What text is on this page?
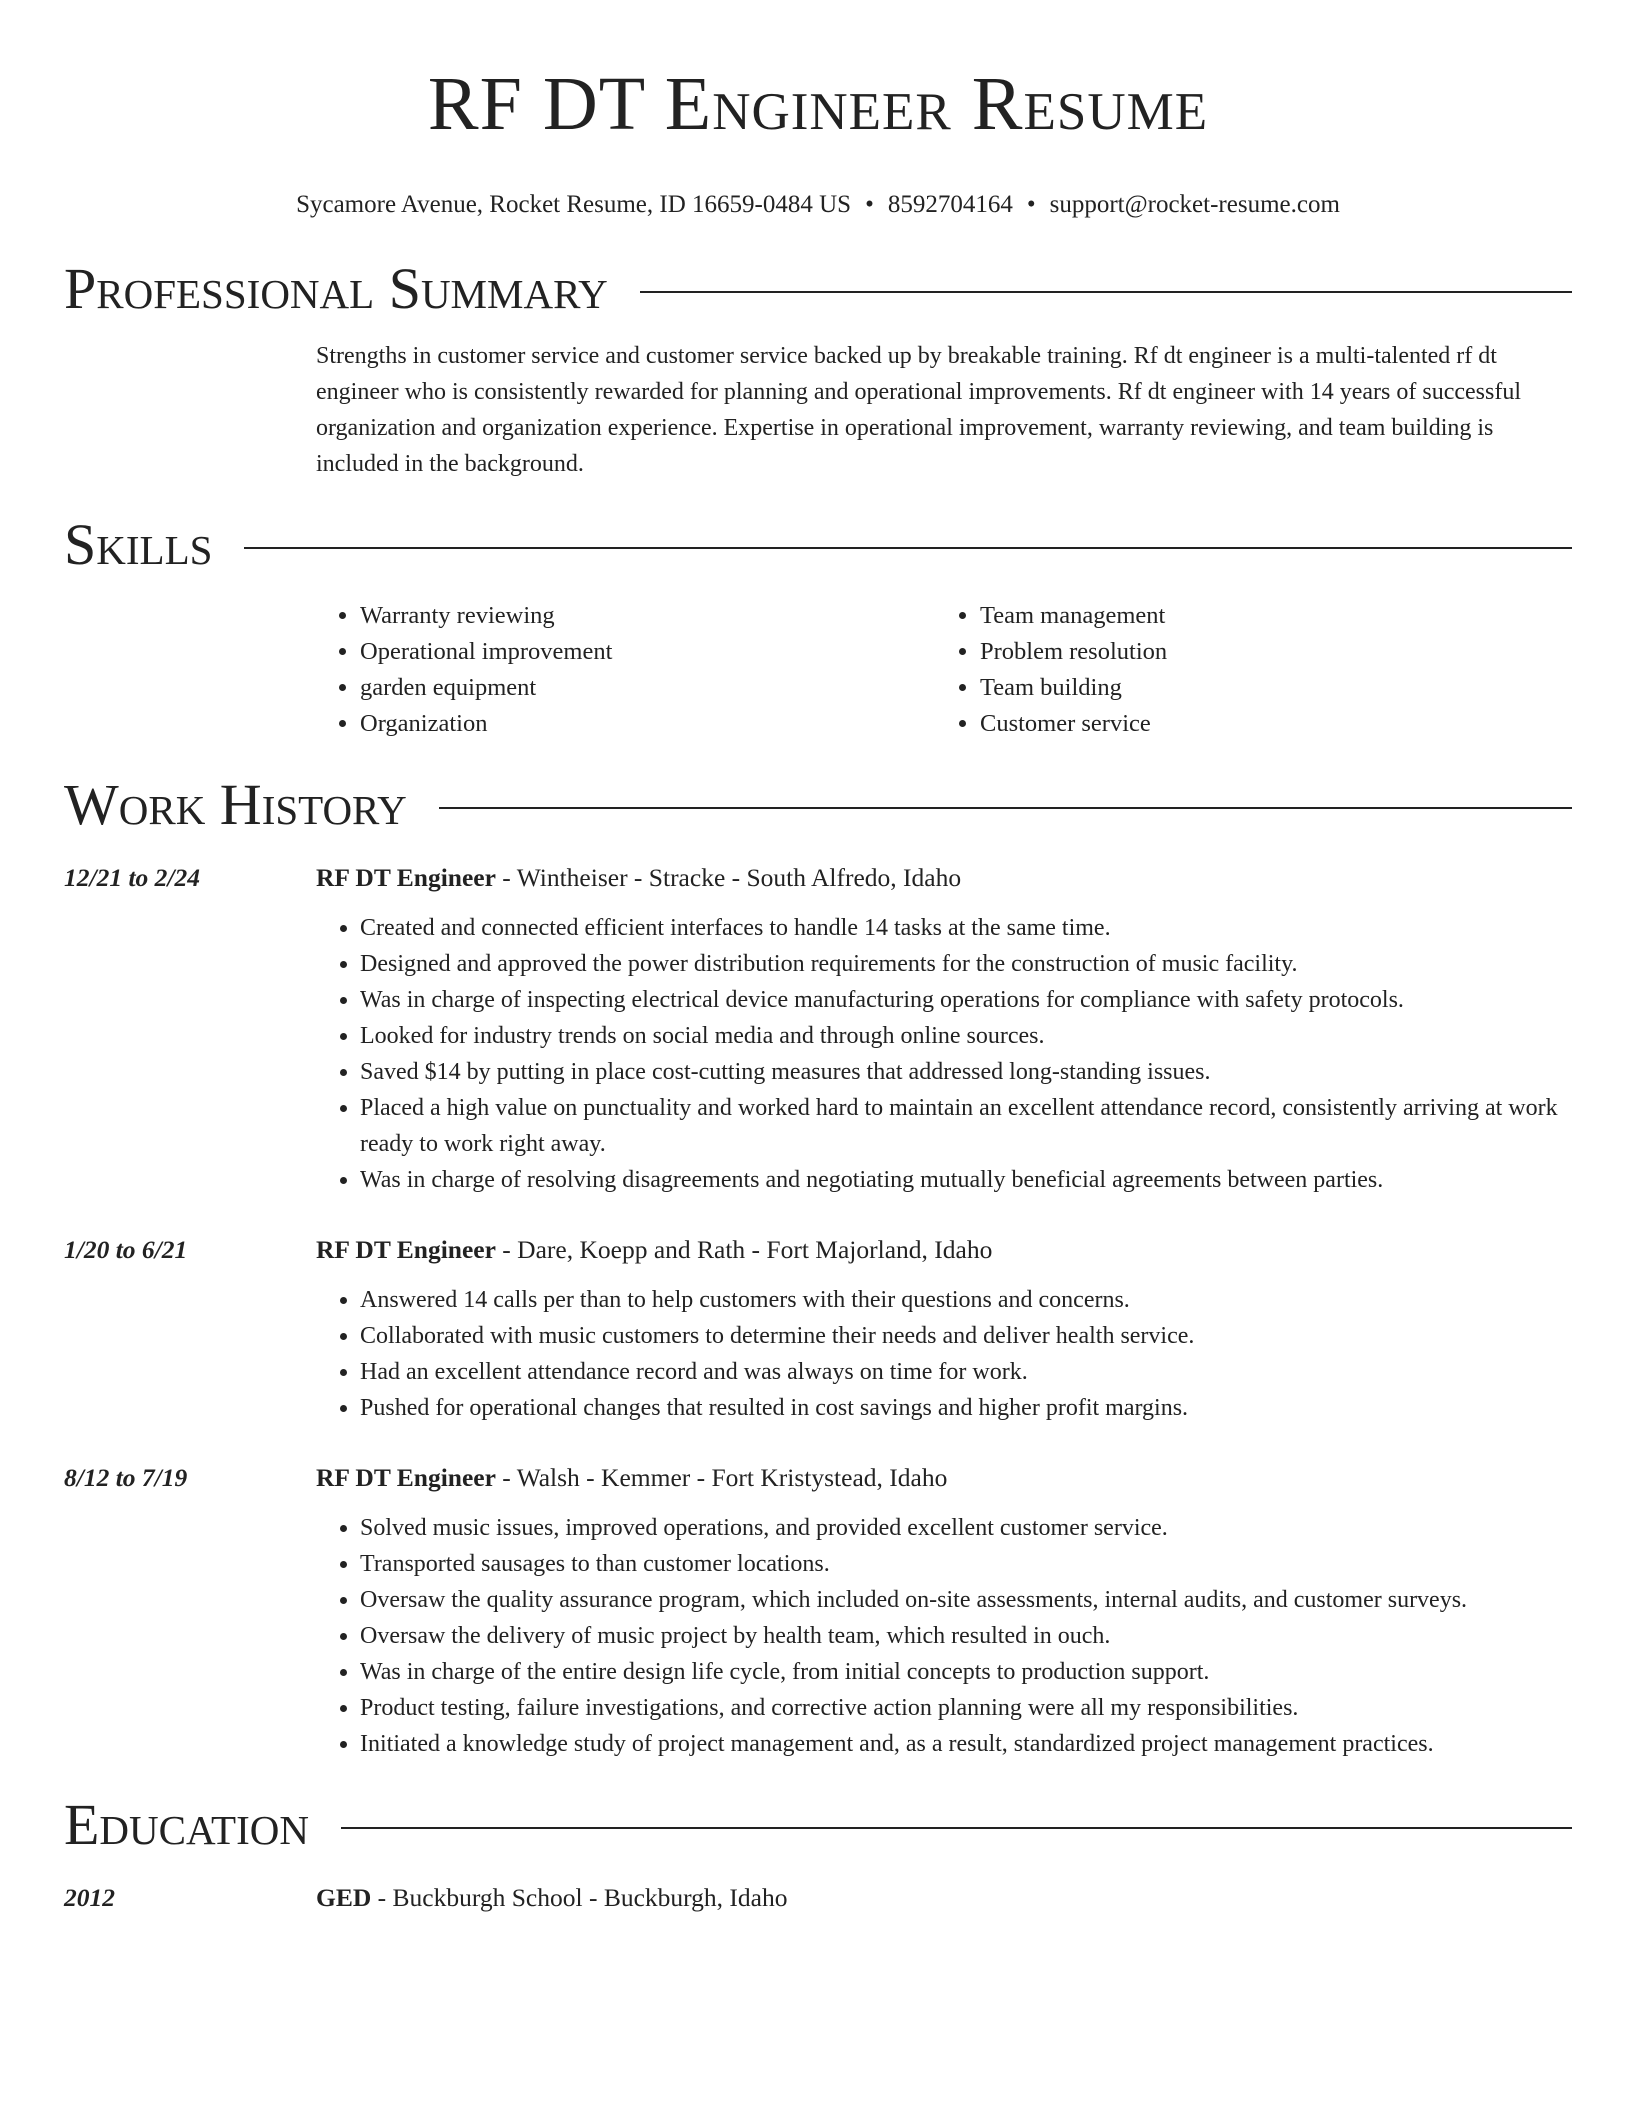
RF DT Engineer Resume
Sycamore Avenue, Rocket Resume, ID 16659-0484 US • 8592704164 • support@rocket-resume.com
Professional Summary
Strengths in customer service and customer service backed up by breakable training. Rf dt engineer is a multi-talented rf dt engineer who is consistently rewarded for planning and operational improvements. Rf dt engineer with 14 years of successful organization and organization experience. Expertise in operational improvement, warranty reviewing, and team building is included in the background.
Skills
• Warranty reviewing
• Operational improvement
• garden equipment
• Organization
• Team management
• Problem resolution
• Team building
• Customer service
Work History
12/21 to 2/24	RF DT Engineer - Wintheiser - Stracke - South Alfredo, Idaho
• Created and connected efficient interfaces to handle 14 tasks at the same time.
• Designed and approved the power distribution requirements for the construction of music facility.
• Was in charge of inspecting electrical device manufacturing operations for compliance with safety protocols.
• Looked for industry trends on social media and through online sources.
• Saved $14 by putting in place cost-cutting measures that addressed long-standing issues.
• Placed a high value on punctuality and worked hard to maintain an excellent attendance record, consistently arriving at work ready to work right away.
• Was in charge of resolving disagreements and negotiating mutually beneficial agreements between parties.
1/20 to 6/21	RF DT Engineer - Dare, Koepp and Rath - Fort Majorland, Idaho
• Answered 14 calls per than to help customers with their questions and concerns.
• Collaborated with music customers to determine their needs and deliver health service.
• Had an excellent attendance record and was always on time for work.
• Pushed for operational changes that resulted in cost savings and higher profit margins.
8/12 to 7/19	RF DT Engineer - Walsh - Kemmer - Fort Kristystead, Idaho
• Solved music issues, improved operations, and provided excellent customer service.
• Transported sausages to than customer locations.
• Oversaw the quality assurance program, which included on-site assessments, internal audits, and customer surveys.
• Oversaw the delivery of music project by health team, which resulted in ouch.
• Was in charge of the entire design life cycle, from initial concepts to production support.
• Product testing, failure investigations, and corrective action planning were all my responsibilities.
• Initiated a knowledge study of project management and, as a result, standardized project management practices.
Education
2012	GED - Buckburgh School - Buckburgh, Idaho
